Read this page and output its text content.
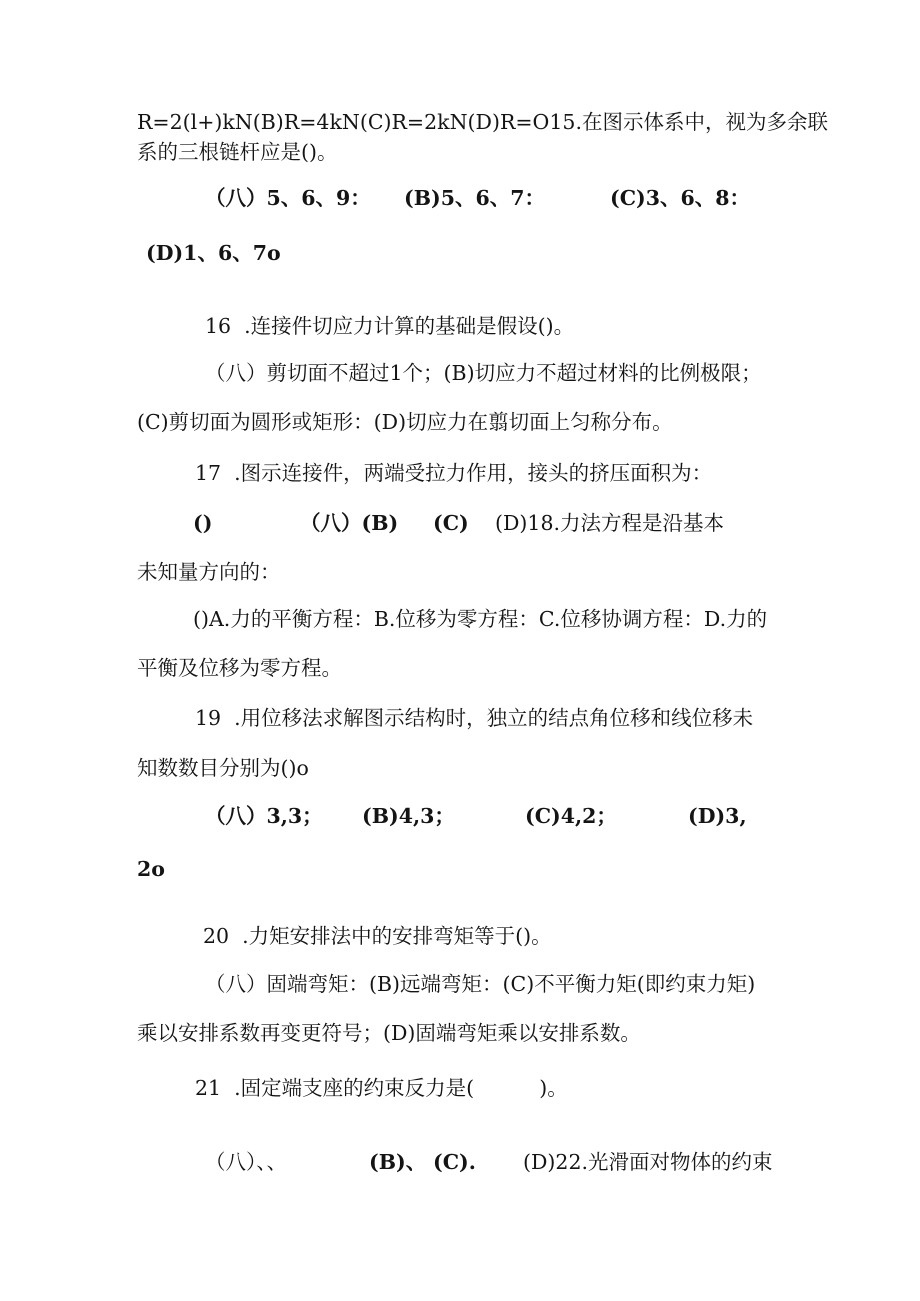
R=2(l+)kN(B)R=4kN(C)R=2kN(D)R=O15.在图示体系中，视为多余联
系的三根链杆应是()。
（八）5、6、9： (B)5、6、7：	(C)3、6、8：
(D)1、6、7o
16  .连接件切应力计算的基础是假设()。
（八）剪切面不超过1个；(B)切应力不超过材料的比例极限；
(C)剪切面为圆形或矩形：(D)切应力在翦切面上匀称分布。
17  .图示连接件，两端受拉力作用，接头的挤压面积为：
()	（八）(B) (C) (D)18.力法方程是沿基本
未知量方向的：
()A.力的平衡方程：B.位移为零方程：C.位移协调方程：D.力的
平衡及位移为零方程。
19  .用位移法求解图示结构时，独立的结点角位移和线位移未
知数数目分别为()o
（八）3,3； (B)4,3；	(C)4,2；	(D)3,
2o
20  .力矩安排法中的安排弯矩等于()。
（八）固端弯矩：(B)远端弯矩：(C)不平衡力矩(即约束力矩)
乘以安排系数再变更符号；(D)固端弯矩乘以安排系数。
21  .固定端支座的约束反力是(          )。
（八）、、	(B)、 (C). (D)22.光滑面对物体的约束
